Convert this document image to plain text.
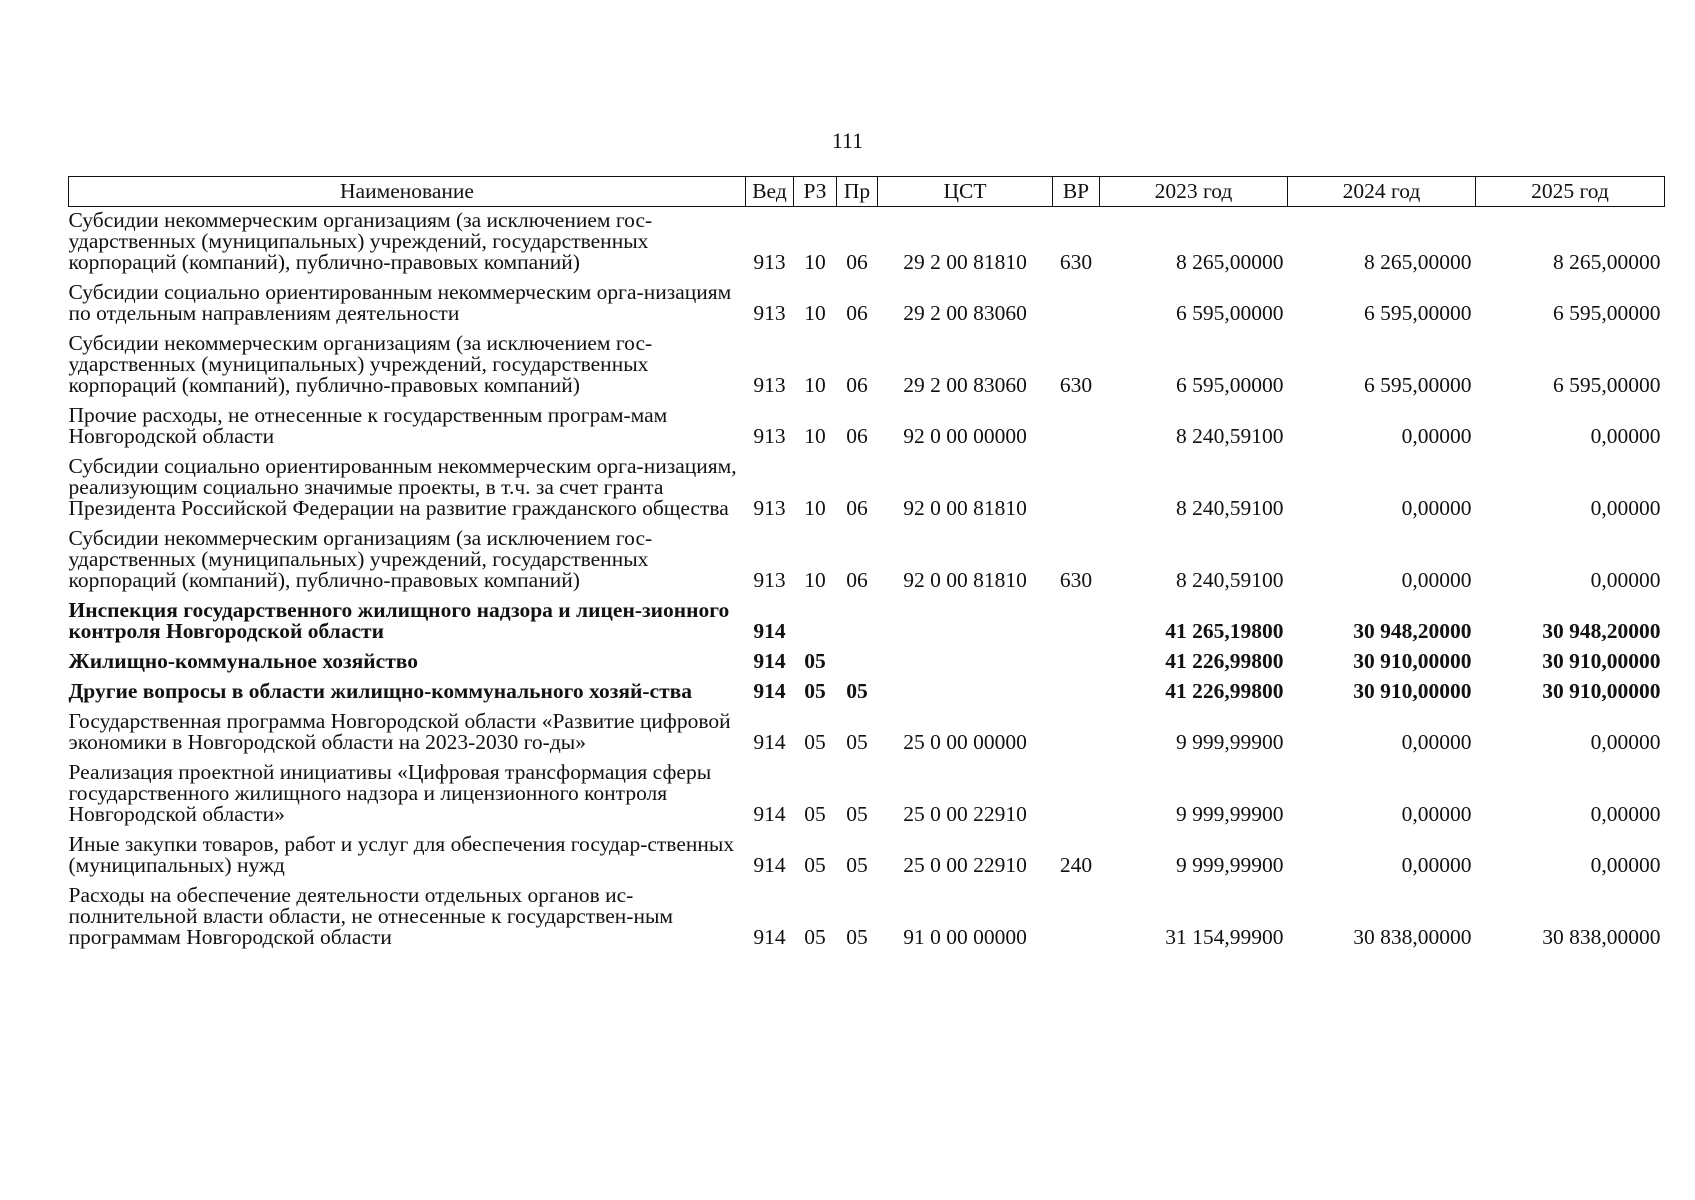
111
Наименование	Вед	РЗ	Пр	ЦСТ	ВР	2023 год	2024 год	2025 год
Субсидии некоммерческим организациям (за исключением гос-ударственных (муниципальных) учреждений, государственных корпораций (компаний), публично-правовых компаний)	913	10	06	29 2 00 81810	630	8 265,00000	8 265,00000	8 265,00000
Субсидии социально ориентированным некоммерческим орга-низациям по отдельным направлениям деятельности	913	10	06	29 2 00 83060		6 595,00000	6 595,00000	6 595,00000
Субсидии некоммерческим организациям (за исключением гос-ударственных (муниципальных) учреждений, государственных корпораций (компаний), публично-правовых компаний)	913	10	06	29 2 00 83060	630	6 595,00000	6 595,00000	6 595,00000
Прочие расходы, не отнесенные к государственным програм-мам Новгородской области	913	10	06	92 0 00 00000		8 240,59100	0,00000	0,00000
Субсидии социально ориентированным некоммерческим орга-низациям, реализующим социально значимые проекты, в т.ч. за счет гранта Президента Российской Федерации на развитие гражданского общества	913	10	06	92 0 00 81810		8 240,59100	0,00000	0,00000
Субсидии некоммерческим организациям (за исключением гос-ударственных (муниципальных) учреждений, государственных корпораций (компаний), публично-правовых компаний)	913	10	06	92 0 00 81810	630	8 240,59100	0,00000	0,00000
Инспекция государственного жилищного надзора и лицен-зионного контроля Новгородской области	914					41 265,19800	30 948,20000	30 948,20000
Жилищно-коммунальное хозяйство	914	05				41 226,99800	30 910,00000	30 910,00000
Другие вопросы в области жилищно-коммунального хозяй-ства	914	05	05			41 226,99800	30 910,00000	30 910,00000
Государственная программа Новгородской области «Развитие цифровой экономики в Новгородской области на 2023-2030 го-ды»	914	05	05	25 0 00 00000		9 999,99900	0,00000	0,00000
Реализация проектной инициативы «Цифровая трансформация сферы государственного жилищного надзора и лицензионного контроля Новгородской области»	914	05	05	25 0 00 22910		9 999,99900	0,00000	0,00000
Иные закупки товаров, работ и услуг для обеспечения государ-ственных (муниципальных) нужд	914	05	05	25 0 00 22910	240	9 999,99900	0,00000	0,00000
Расходы на обеспечение деятельности отдельных органов ис-полнительной власти области, не отнесенные к государствен-ным программам Новгородской области	914	05	05	91 0 00 00000		31 154,99900	30 838,00000	30 838,00000
